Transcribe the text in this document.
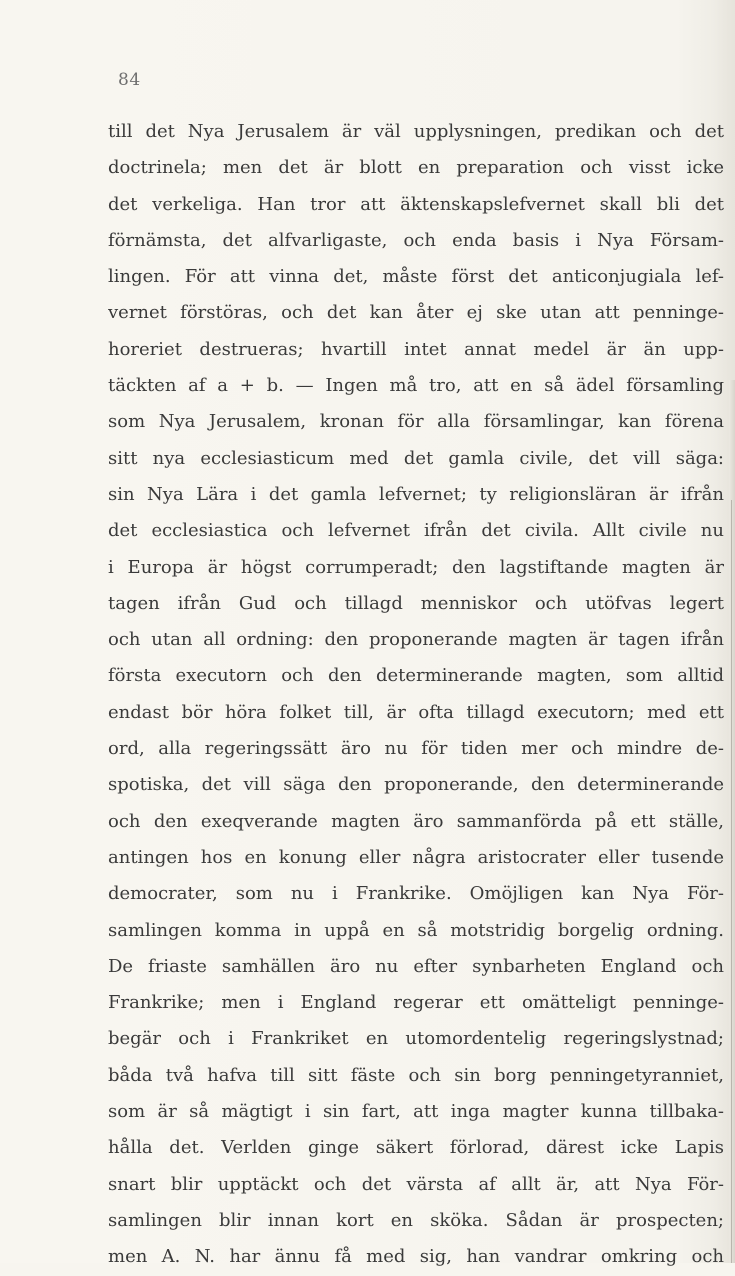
84
till det Nya Jerusalem är väl upplysningen, predikan och det
doctrinela; men det är blott en preparation och visst icke
det verkeliga. Han tror att äktenskapslefvernet skall bli det
förnämsta, det alfvarligaste, och enda basis i Nya Försam-
lingen. För att vinna det, måste först det anticonjugiala lef-
vernet förstöras, och det kan åter ej ske utan att penninge-
horeriet destrueras; hvartill intet annat medel är än upp-
täckten af a + b. — Ingen må tro, att en så ädel församling
som Nya Jerusalem, kronan för alla församlingar, kan förena
sitt nya ecclesiasticum med det gamla civile, det vill säga:
sin Nya Lära i det gamla lefvernet; ty religionsläran är ifrån
det ecclesiastica och lefvernet ifrån det civila. Allt civile nu
i Europa är högst corrumperadt; den lagstiftande magten är
tagen ifrån Gud och tillagd menniskor och utöfvas legert
och utan all ordning: den proponerande magten är tagen ifrån
första executorn och den determinerande magten, som alltid
endast bör höra folket till, är ofta tillagd executorn; med ett
ord, alla regeringssätt äro nu för tiden mer och mindre de-
spotiska, det vill säga den proponerande, den determinerande
och den exeqverande magten äro sammanförda på ett ställe,
antingen hos en konung eller några aristocrater eller tusende
democrater, som nu i Frankrike. Omöjligen kan Nya För-
samlingen komma in uppå en så motstridig borgelig ordning.
De friaste samhällen äro nu efter synbarheten England och
Frankrike; men i England regerar ett omätteligt penninge-
begär och i Frankriket en utomordentelig regeringslystnad;
båda två hafva till sitt fäste och sin borg penningetyranniet,
som är så mägtigt i sin fart, att inga magter kunna tillbaka-
hålla det. Verlden ginge säkert förlorad, därest icke Lapis
snart blir upptäckt och det värsta af allt är, att Nya För-
samlingen blir innan kort en sköka. Sådan är prospecten;
men A. N. har ännu få med sig, han vandrar omkring och
